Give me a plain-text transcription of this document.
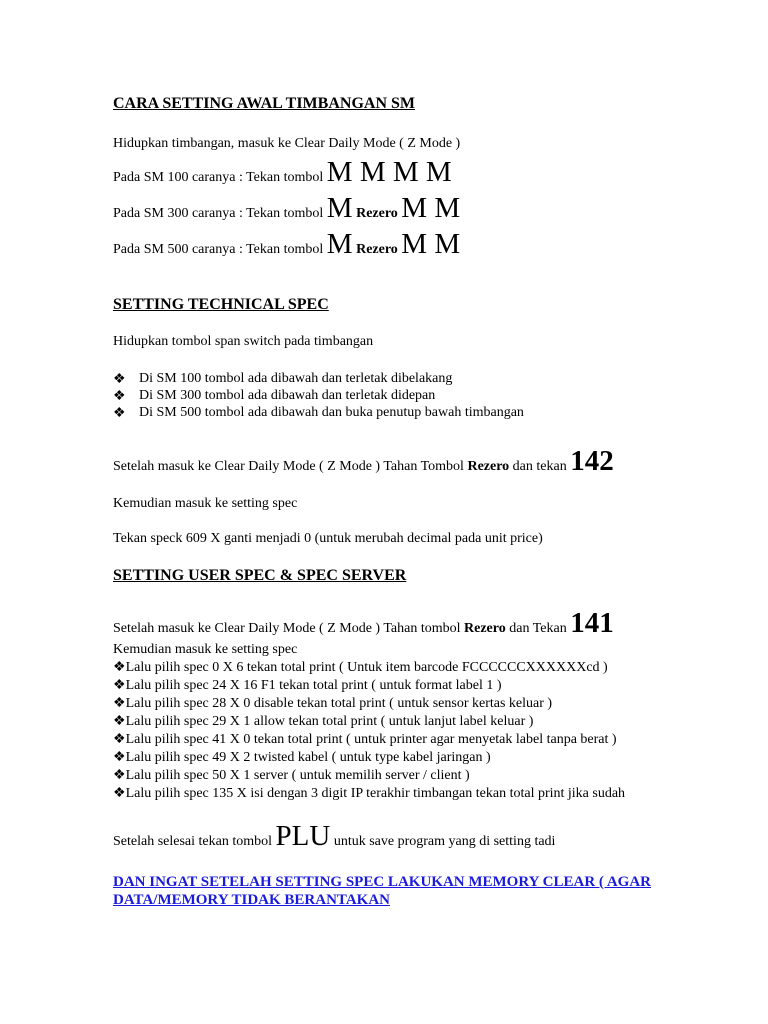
CARA SETTING AWAL TIMBANGAN SM
Hidupkan timbangan, masuk ke Clear Daily Mode ( Z Mode )
Pada SM 100 caranya : Tekan tombol M M M M
Pada SM 300 caranya : Tekan tombol M Rezero M M
Pada SM 500 caranya : Tekan tombol M Rezero M M
SETTING TECHNICAL SPEC
Hidupkan tombol span switch pada timbangan
❖ Di SM 100 tombol ada dibawah dan terletak dibelakang
❖ Di SM 300 tombol ada dibawah dan terletak didepan
❖ Di SM 500 tombol ada dibawah dan buka penutup bawah timbangan
Setelah masuk ke Clear Daily Mode ( Z Mode ) Tahan Tombol Rezero dan tekan 142
Kemudian masuk ke setting spec
Tekan speck 609 X ganti menjadi 0 (untuk merubah decimal pada unit price)
SETTING USER SPEC & SPEC SERVER
Setelah masuk ke Clear Daily Mode ( Z Mode ) Tahan tombol Rezero dan Tekan 141
Kemudian masuk ke setting spec
❖Lalu pilih spec 0 X 6 tekan total print ( Untuk item barcode FCCCCCCXXXXXXcd )
❖Lalu pilih spec 24 X 16 F1 tekan total print ( untuk format label 1 )
❖Lalu pilih spec 28 X 0 disable tekan total print ( untuk sensor kertas keluar )
❖Lalu pilih spec 29 X 1 allow tekan total print ( untuk lanjut label keluar )
❖Lalu pilih spec 41 X 0 tekan total print ( untuk printer agar menyetak label tanpa berat )
❖Lalu pilih spec 49 X 2 twisted kabel ( untuk type kabel jaringan )
❖Lalu pilih spec 50 X 1 server ( untuk memilih server / client )
❖Lalu pilih spec 135 X isi dengan 3 digit IP terakhir timbangan tekan total print jika sudah
Setelah selesai tekan tombol PLU untuk save program yang di setting tadi
DAN INGAT SETELAH SETTING SPEC LAKUKAN MEMORY CLEAR ( AGAR DATA/MEMORY TIDAK BERANTAKAN
